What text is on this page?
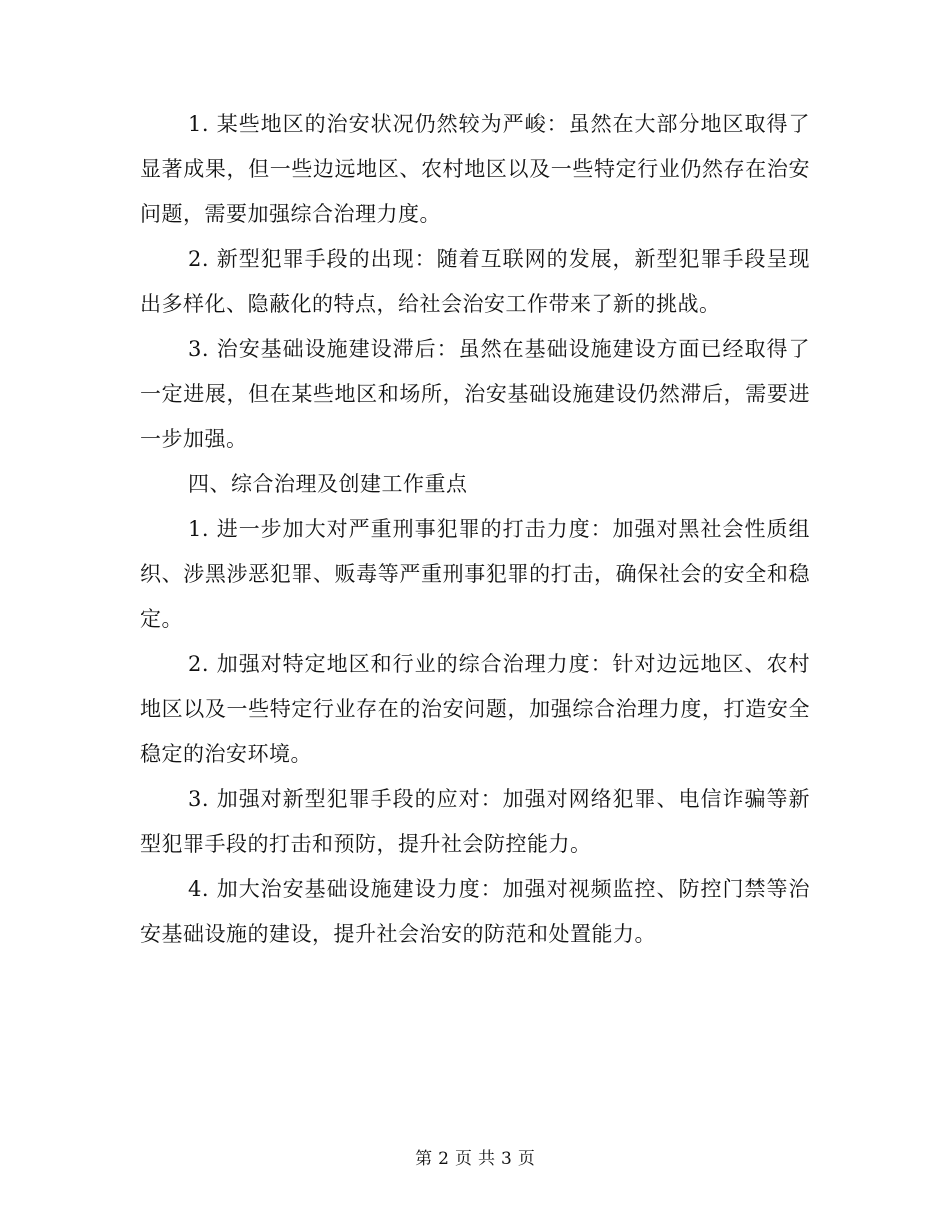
1. 某些地区的治安状况仍然较为严峻：虽然在大部分地区取得了显著成果，但一些边远地区、农村地区以及一些特定行业仍然存在治安问题，需要加强综合治理力度。

2. 新型犯罪手段的出现：随着互联网的发展，新型犯罪手段呈现出多样化、隐蔽化的特点，给社会治安工作带来了新的挑战。

3. 治安基础设施建设滞后：虽然在基础设施建设方面已经取得了一定进展，但在某些地区和场所，治安基础设施建设仍然滞后，需要进一步加强。

四、综合治理及创建工作重点

1. 进一步加大对严重刑事犯罪的打击力度：加强对黑社会性质组织、涉黑涉恶犯罪、贩毒等严重刑事犯罪的打击，确保社会的安全和稳定。

2. 加强对特定地区和行业的综合治理力度：针对边远地区、农村地区以及一些特定行业存在的治安问题，加强综合治理力度，打造安全稳定的治安环境。

3. 加强对新型犯罪手段的应对：加强对网络犯罪、电信诈骗等新型犯罪手段的打击和预防，提升社会防控能力。

4. 加大治安基础设施建设力度：加强对视频监控、防控门禁等治安基础设施的建设，提升社会治安的防范和处置能力。

第 2 页 共 3 页
